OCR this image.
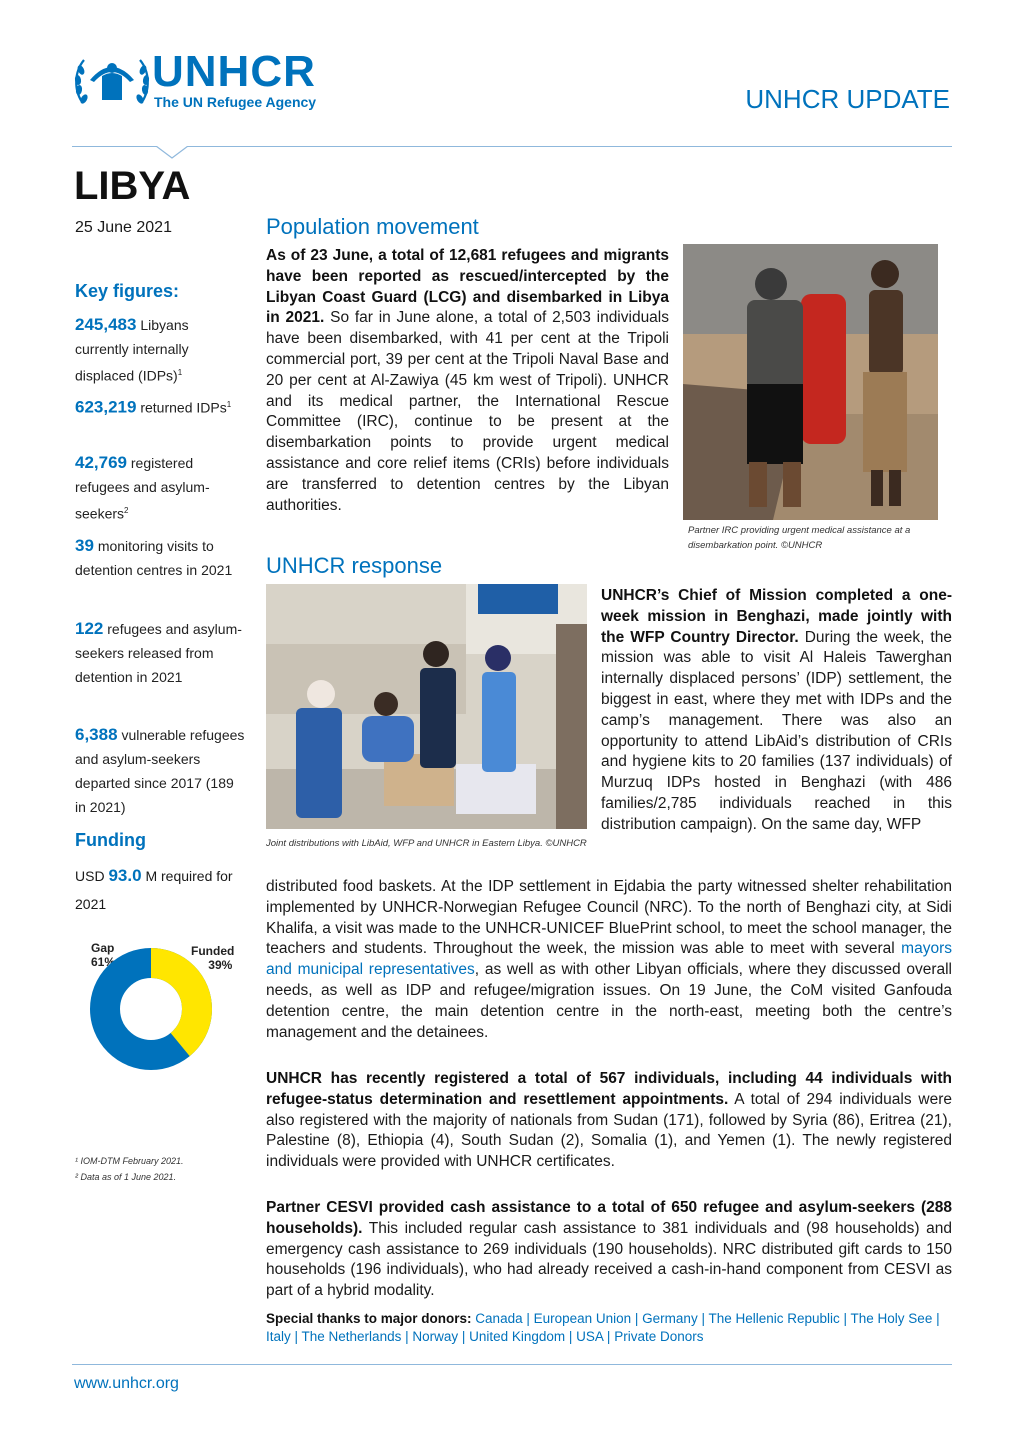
UNHCR
The UN Refugee Agency	UNHCR UPDATE
LIBYA
25 June 2021
Key figures:
245,483 Libyans currently internally displaced (IDPs)$^1$
623,219 returned IDPs$^1$
42,769 registered refugees and asylum-seekers$^2$
39 monitoring visits to detention centres in 2021
122 refugees and asylum-seekers released from detention in 2021
6,388 vulnerable refugees and asylum-seekers departed since 2017 (189 in 2021)
Funding
USD 93.0 M required for 2021
Gap
61%
Funded
39%
¹ IOM-DTM February 2021.
² Data as of 1 June 2021.
Population movement
As of 23 June, a total of 12,681 refugees and migrants have been reported as rescued/intercepted by the Libyan Coast Guard (LCG) and disembarked in Libya in 2021. So far in June alone, a total of 2,503 individuals have been disembarked, with 41 per cent at the Tripoli commercial port, 39 per cent at the Tripoli Naval Base and 20 per cent at Al-Zawiya (45 km west of Tripoli). UNHCR and its medical partner, the International Rescue Committee (IRC), continue to be present at the disembarkation points to provide urgent medical assistance and core relief items (CRIs) before individuals are transferred to detention centres by the Libyan authorities.
Partner IRC providing urgent medical assistance at a disembarkation point. ©UNHCR
UNHCR response
Joint distributions with LibAid, WFP and UNHCR in Eastern Libya. ©UNHCR
UNHCR’s Chief of Mission completed a one-week mission in Benghazi, made jointly with the WFP Country Director. During the week, the mission was able to visit Al Haleis Tawerghan internally displaced persons’ (IDP) settlement, the biggest in east, where they met with IDPs and the camp’s management. There was also an opportunity to attend LibAid’s distribution of CRIs and hygiene kits to 20 families (137 individuals) of Murzuq IDPs hosted in Benghazi (with 486 families/2,785 individuals reached in this distribution campaign). On the same day, WFP
distributed food baskets. At the IDP settlement in Ejdabia the party witnessed shelter rehabilitation implemented by UNHCR-Norwegian Refugee Council (NRC). To the north of Benghazi city, at Sidi Khalifa, a visit was made to the UNHCR-UNICEF BluePrint school, to meet the school manager, the teachers and students. Throughout the week, the mission was able to meet with several mayors and municipal representatives, as well as with other Libyan officials, where they discussed overall needs, as well as IDP and refugee/migration issues. On 19 June, the CoM visited Ganfouda detention centre, the main detention centre in the north-east, meeting both the centre’s management and the detainees.
UNHCR has recently registered a total of 567 individuals, including 44 individuals with refugee-status determination and resettlement appointments. A total of 294 individuals were also registered with the majority of nationals from Sudan (171), followed by Syria (86), Eritrea (21), Palestine (8), Ethiopia (4), South Sudan (2), Somalia (1), and Yemen (1). The newly registered individuals were provided with UNHCR certificates.
Partner CESVI provided cash assistance to a total of 650 refugee and asylum-seekers (288 households). This included regular cash assistance to 381 individuals and (98 households) and emergency cash assistance to 269 individuals (190 households). NRC distributed gift cards to 150 households (196 individuals), who had already received a cash-in-hand component from CESVI as part of a hybrid modality.
Special thanks to major donors: Canada | European Union | Germany | The Hellenic Republic | The Holy See | Italy | The Netherlands | Norway | United Kingdom | USA | Private Donors
www.unhcr.org
